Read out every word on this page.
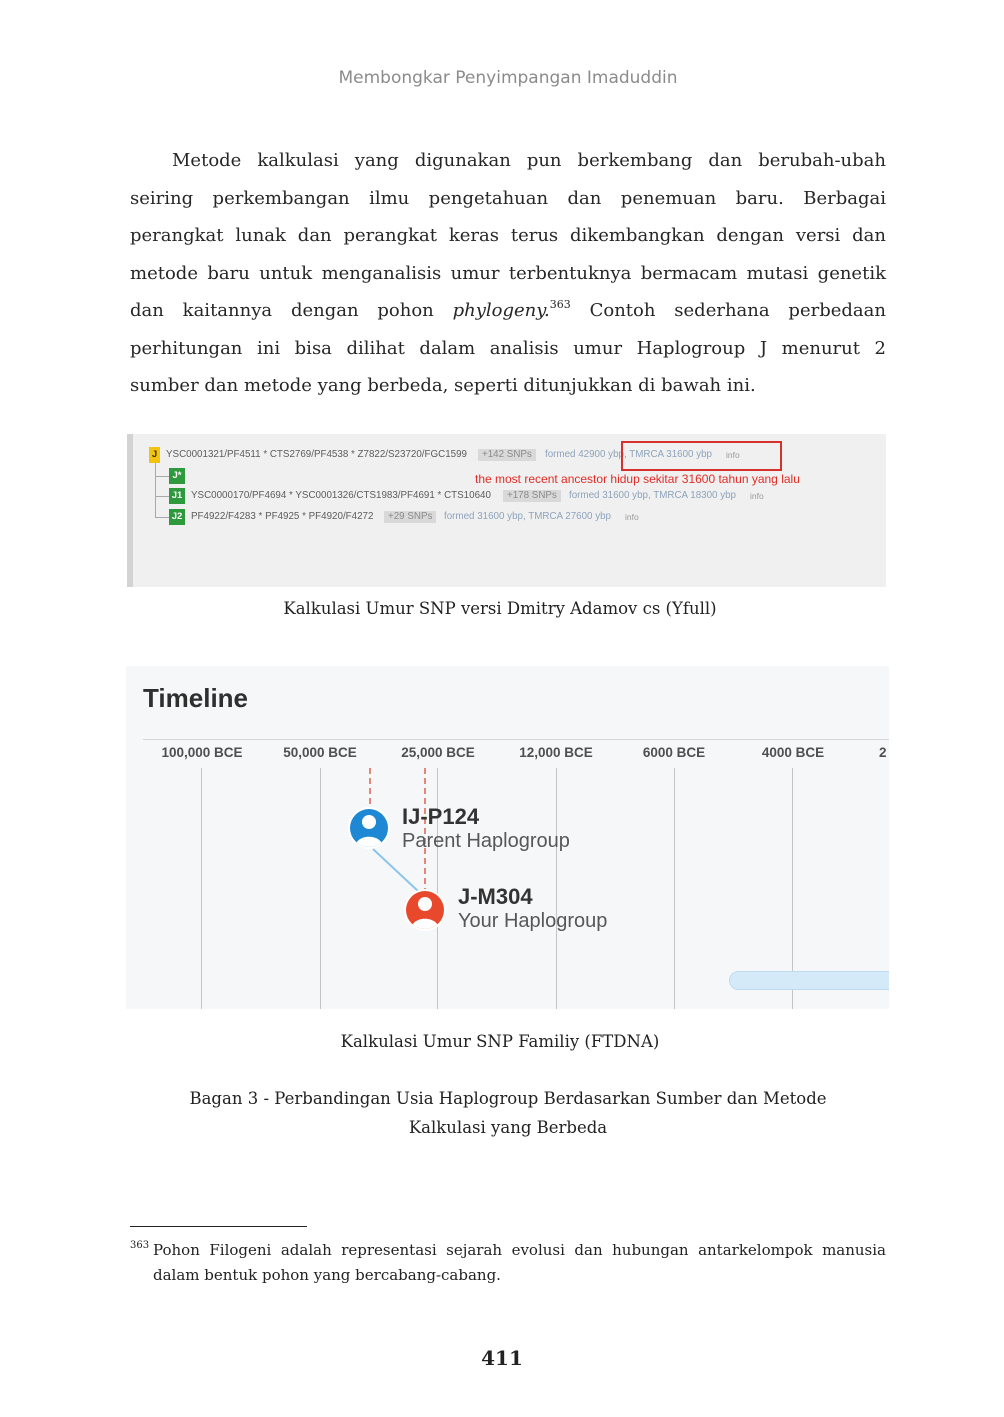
Membongkar Penyimpangan Imaduddin
Metode kalkulasi yang digunakan pun berkembang dan berubah-ubah
seiring perkembangan ilmu pengetahuan dan penemuan baru. Berbagai
perangkat lunak dan perangkat keras terus dikembangkan dengan versi dan
metode baru untuk menganalisis umur terbentuknya bermacam mutasi genetik
dan kaitannya dengan pohon phylogeny.$^{363}$ Contoh sederhana perbedaan
perhitungan ini bisa dilihat dalam analisis umur Haplogroup J menurut 2
sumber dan metode yang berbeda, seperti ditunjukkan di bawah ini.
J YSC0001321/PF4511 * CTS2769/PF4538 * Z7822/S23720/FGC1599	+142 SNPs	formed 42900 ybp, TMRCA 31600 ybp info
J*
J1 YSC0000170/PF4694 * YSC0001326/CTS1983/PF4691 * CTS10640	+178 SNPs	formed 31600 ybp, TMRCA 18300 ybp info
J2 PF4922/F4283 * PF4925 * PF4920/F4272	+29 SNPs	formed 31600 ybp, TMRCA 27600 ybp info
the most recent ancestor hidup sekitar 31600 tahun yang lalu
Kalkulasi Umur SNP versi Dmitry Adamov cs (Yfull)
Timeline
100,000 BCE	50,000 BCE	25,000 BCE	12,000 BCE	6000 BCE	4000 BCE	2
IJ-P124
Parent Haplogroup
J-M304
Your Haplogroup
Kalkulasi Umur SNP Familiy (FTDNA)
Bagan 3 - Perbandingan Usia Haplogroup Berdasarkan Sumber dan Metode
Kalkulasi yang Berbeda
363 Pohon Filogeni adalah representasi sejarah evolusi dan hubungan antarkelompok manusia
dalam bentuk pohon yang bercabang-cabang.
411
